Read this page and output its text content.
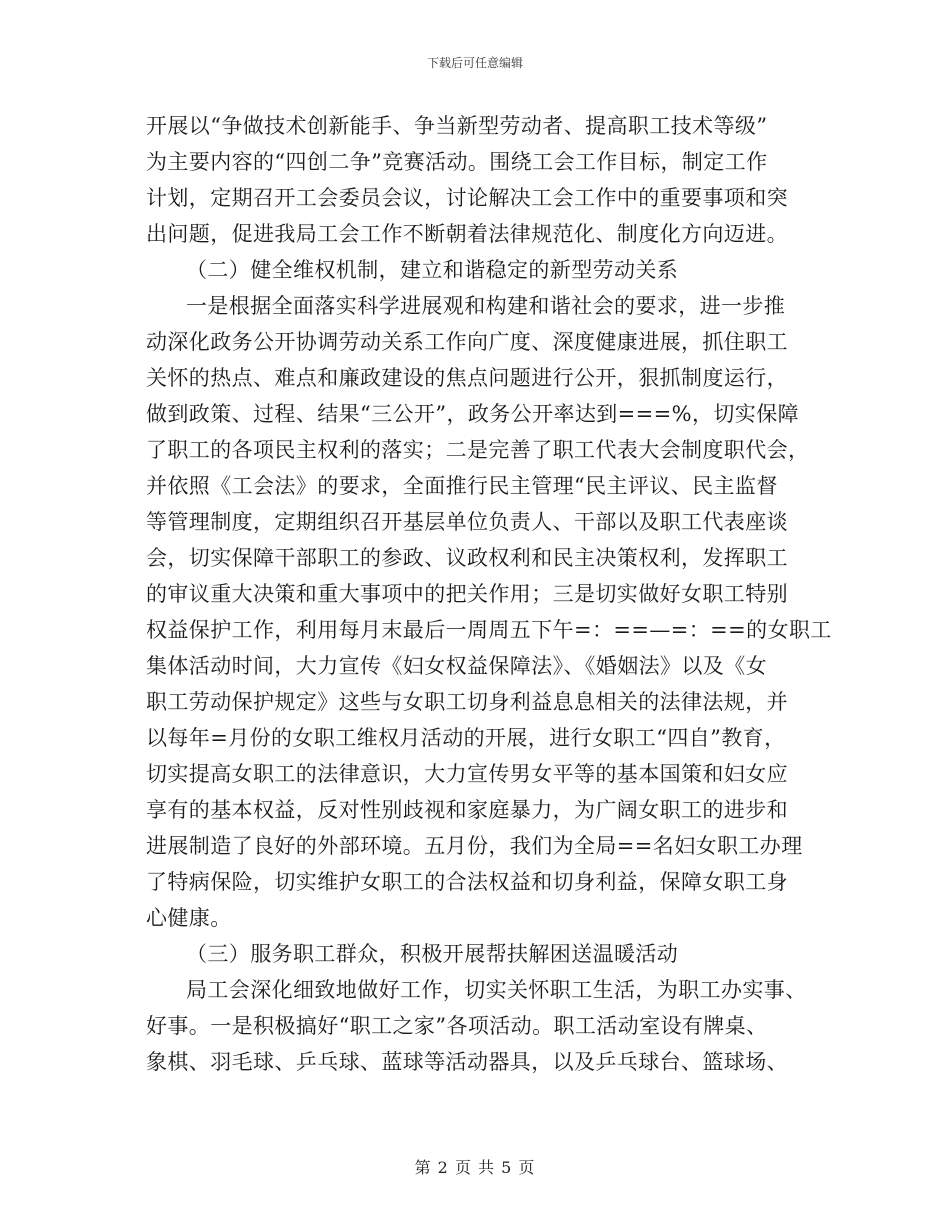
下载后可任意编辑
开展以“争做技术创新能手、争当新型劳动者、提高职工技术等级”
为主要内容的“四创二争”竞赛活动。围绕工会工作目标，制定工作
计划，定期召开工会委员会议，讨论解决工会工作中的重要事项和突
出问题，促进我局工会工作不断朝着法律规范化、制度化方向迈进。
（二）健全维权机制，建立和谐稳定的新型劳动关系
一是根据全面落实科学进展观和构建和谐社会的要求，进一步推
动深化政务公开协调劳动关系工作向广度、深度健康进展，抓住职工
关怀的热点、难点和廉政建设的焦点问题进行公开，狠抓制度运行，
做到政策、过程、结果“三公开”，政务公开率达到===%，切实保障
了职工的各项民主权利的落实；二是完善了职工代表大会制度职代会，
并依照《工会法》的要求，全面推行民主管理“民主评议、民主监督
等管理制度，定期组织召开基层单位负责人、干部以及职工代表座谈
会，切实保障干部职工的参政、议政权利和民主决策权利，发挥职工
的审议重大决策和重大事项中的把关作用；三是切实做好女职工特别
权益保护工作，利用每月末最后一周周五下午=：==—=：==的女职工
集体活动时间，大力宣传《妇女权益保障法》、《婚姻法》以及《女
职工劳动保护规定》这些与女职工切身利益息息相关的法律法规，并
以每年=月份的女职工维权月活动的开展，进行女职工“四自”教育，
切实提高女职工的法律意识，大力宣传男女平等的基本国策和妇女应
享有的基本权益，反对性别歧视和家庭暴力，为广阔女职工的进步和
进展制造了良好的外部环境。五月份，我们为全局==名妇女职工办理
了特病保险，切实维护女职工的合法权益和切身利益，保障女职工身
心健康。
（三）服务职工群众，积极开展帮扶解困送温暖活动
局工会深化细致地做好工作，切实关怀职工生活，为职工办实事、
好事。一是积极搞好“职工之家”各项活动。职工活动室设有牌桌、
象棋、羽毛球、乒乓球、蓝球等活动器具，以及乒乓球台、篮球场、
第 2 页 共 5 页
